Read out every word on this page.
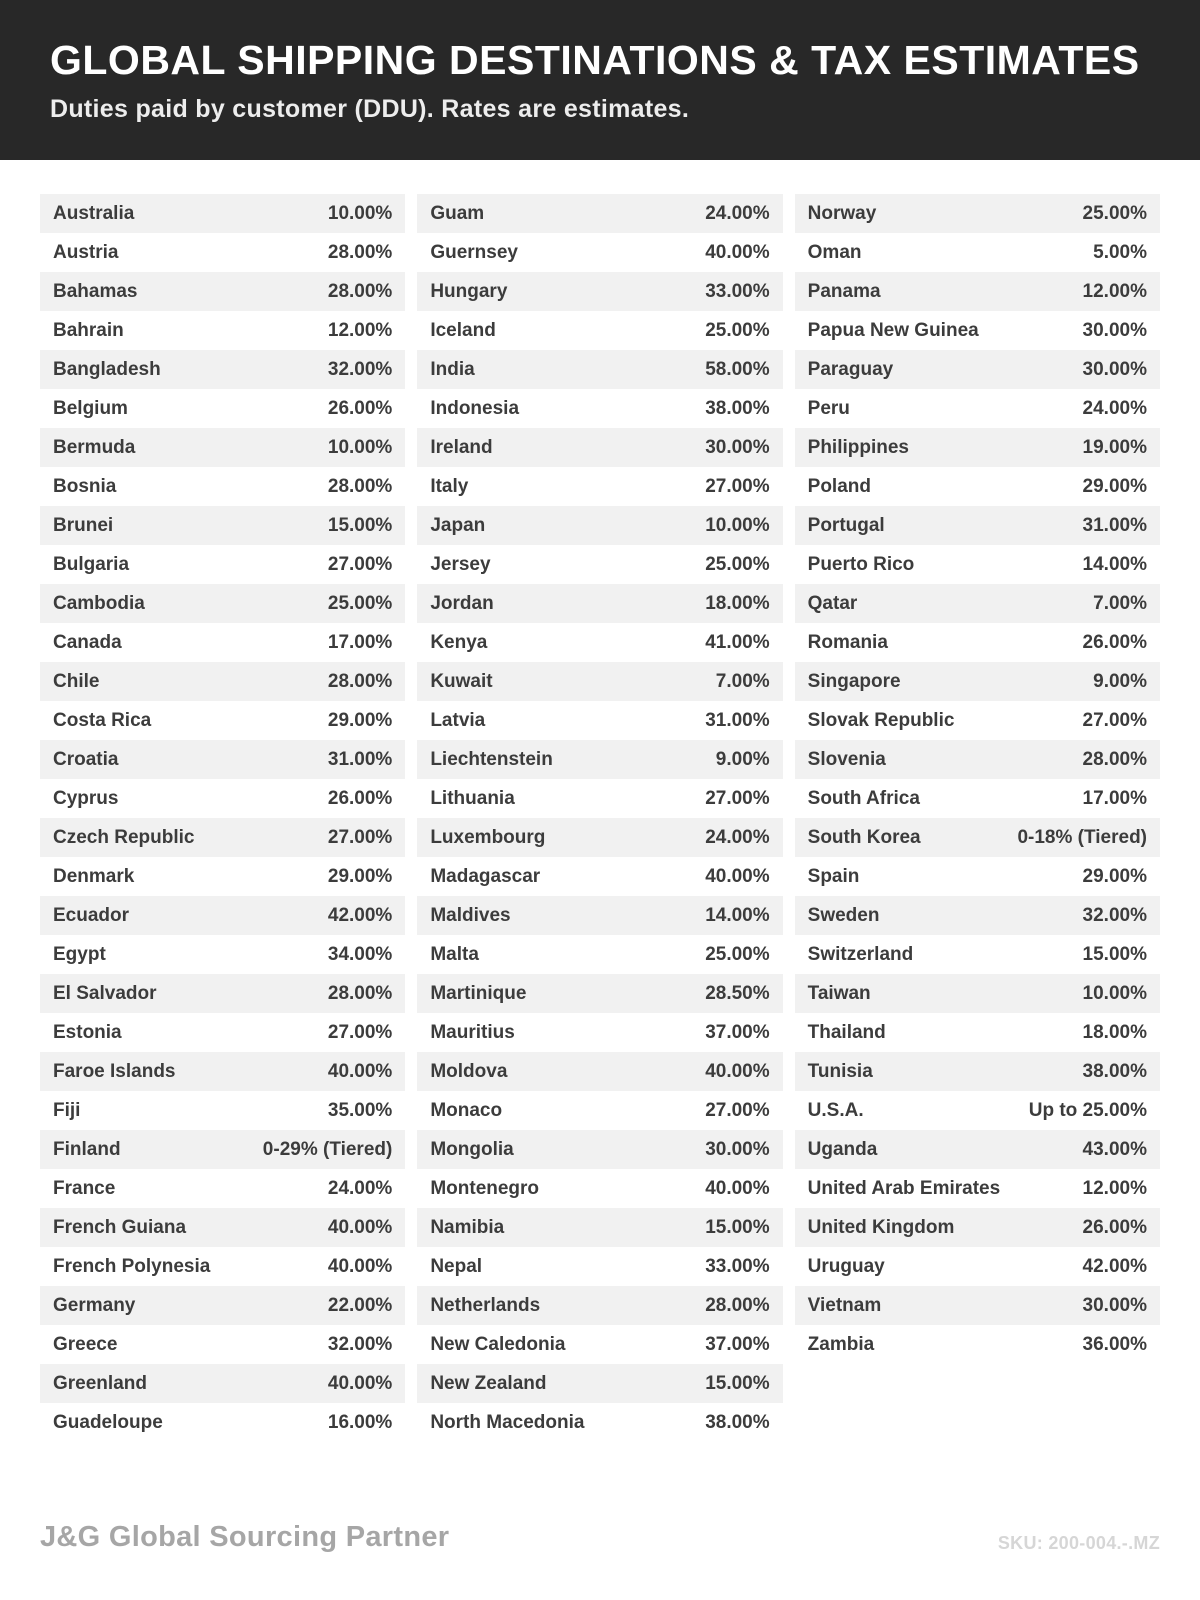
GLOBAL SHIPPING DESTINATIONS & TAX ESTIMATES

Duties paid by customer (DDU). Rates are estimates.

Australia	10.00%
Austria	28.00%
Bahamas	28.00%
Bahrain	12.00%
Bangladesh	32.00%
Belgium	26.00%
Bermuda	10.00%
Bosnia	28.00%
Brunei	15.00%
Bulgaria	27.00%
Cambodia	25.00%
Canada	17.00%
Chile	28.00%
Costa Rica	29.00%
Croatia	31.00%
Cyprus	26.00%
Czech Republic	27.00%
Denmark	29.00%
Ecuador	42.00%
Egypt	34.00%
El Salvador	28.00%
Estonia	27.00%
Faroe Islands	40.00%
Fiji	35.00%
Finland	0-29% (Tiered)
France	24.00%
French Guiana	40.00%
French Polynesia	40.00%
Germany	22.00%
Greece	32.00%
Greenland	40.00%
Guadeloupe	16.00%
Guam	24.00%
Guernsey	40.00%
Hungary	33.00%
Iceland	25.00%
India	58.00%
Indonesia	38.00%
Ireland	30.00%
Italy	27.00%
Japan	10.00%
Jersey	25.00%
Jordan	18.00%
Kenya	41.00%
Kuwait	7.00%
Latvia	31.00%
Liechtenstein	9.00%
Lithuania	27.00%
Luxembourg	24.00%
Madagascar	40.00%
Maldives	14.00%
Malta	25.00%
Martinique	28.50%
Mauritius	37.00%
Moldova	40.00%
Monaco	27.00%
Mongolia	30.00%
Montenegro	40.00%
Namibia	15.00%
Nepal	33.00%
Netherlands	28.00%
New Caledonia	37.00%
New Zealand	15.00%
North Macedonia	38.00%
Norway	25.00%
Oman	5.00%
Panama	12.00%
Papua New Guinea	30.00%
Paraguay	30.00%
Peru	24.00%
Philippines	19.00%
Poland	29.00%
Portugal	31.00%
Puerto Rico	14.00%
Qatar	7.00%
Romania	26.00%
Singapore	9.00%
Slovak Republic	27.00%
Slovenia	28.00%
South Africa	17.00%
South Korea	0-18% (Tiered)
Spain	29.00%
Sweden	32.00%
Switzerland	15.00%
Taiwan	10.00%
Thailand	18.00%
Tunisia	38.00%
U.S.A.	Up to 25.00%
Uganda	43.00%
United Arab Emirates	12.00%
United Kingdom	26.00%
Uruguay	42.00%
Vietnam	30.00%
Zambia	36.00%
J&G Global Sourcing Partner	SKU: 200-004.-.MZ
